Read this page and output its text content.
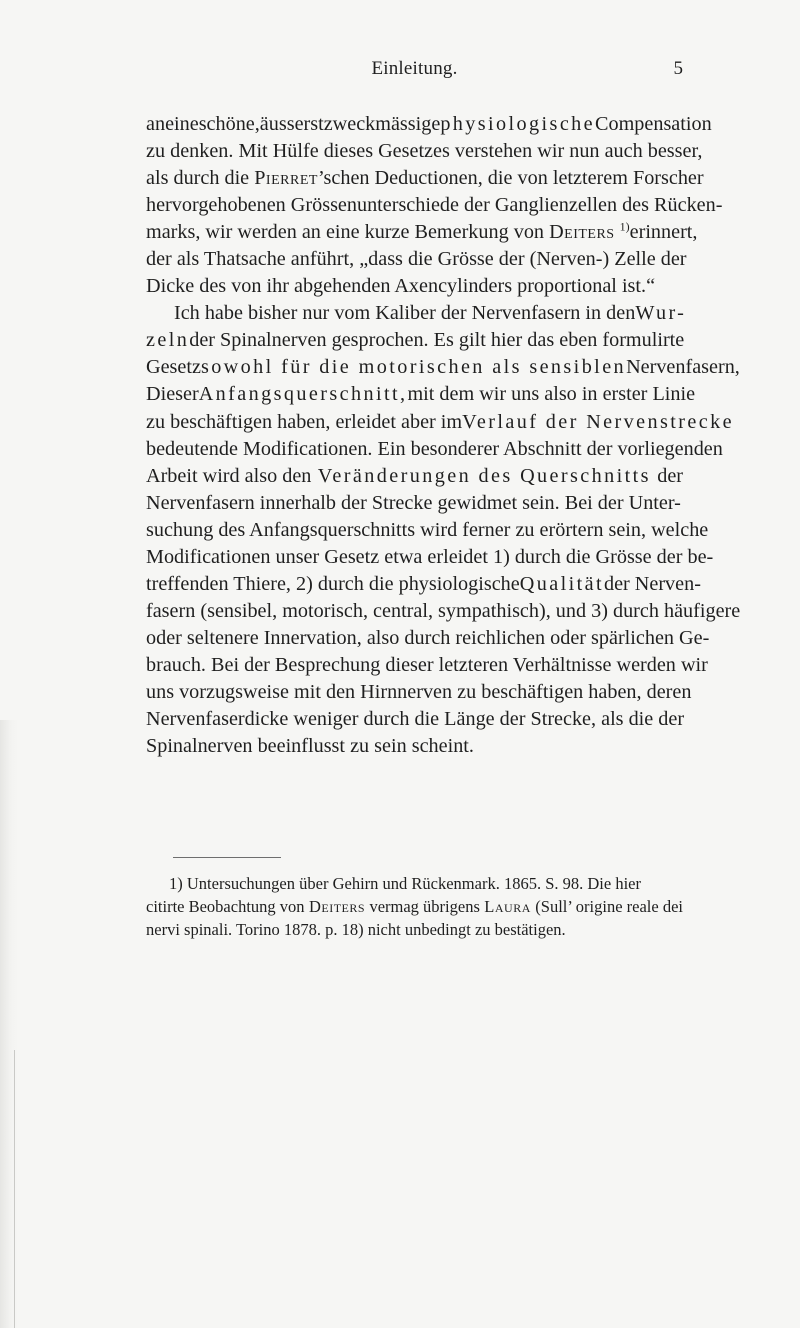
Einleitung.	5
an eine schöne, äusserst zweckmässige physiologische Compensation
zu denken. Mit Hülfe dieses Gesetzes verstehen wir nun auch besser,
als durch die Pierret’schen Deductionen, die von letzterem Forscher
hervorgehobenen Grössenunterschiede der Ganglienzellen des Rücken-
marks, wir werden an eine kurze Bemerkung von Deiters $^{1)}$ erinnert,
der als Thatsache anführt, „dass die Grösse der (Nerven-) Zelle der
Dicke des von ihr abgehenden Axencylinders proportional ist.“
Ich habe bisher nur vom Kaliber der Nervenfasern in den Wur-
zeln der Spinalnerven gesprochen. Es gilt hier das eben formulirte
Gesetz sowohl für die motorischen als sensiblen Nervenfasern,
Dieser Anfangsquerschnitt, mit dem wir uns also in erster Linie
zu beschäftigen haben, erleidet aber im Verlauf der Nervenstrecke
bedeutende Modificationen. Ein besonderer Abschnitt der vorliegenden
Arbeit wird also den Veränderungen des Querschnitts der
Nervenfasern innerhalb der Strecke gewidmet sein. Bei der Unter-
suchung des Anfangsquerschnitts wird ferner zu erörtern sein, welche
Modificationen unser Gesetz etwa erleidet 1) durch die Grösse der be-
treffenden Thiere, 2) durch die physiologische Qualität der Nerven-
fasern (sensibel, motorisch, central, sympathisch), und 3) durch häufigere
oder seltenere Innervation, also durch reichlichen oder spärlichen Ge-
brauch. Bei der Besprechung dieser letzteren Verhältnisse werden wir
uns vorzugsweise mit den Hirnnerven zu beschäftigen haben, deren
Nervenfaserdicke weniger durch die Länge der Strecke, als die der
Spinalnerven beeinflusst zu sein scheint.
1) Untersuchungen über Gehirn und Rückenmark. 1865. S. 98. Die hier
citirte Beobachtung von Deiters vermag übrigens Laura (Sull’ origine reale dei
nervi spinali. Torino 1878. p. 18) nicht unbedingt zu bestätigen.
